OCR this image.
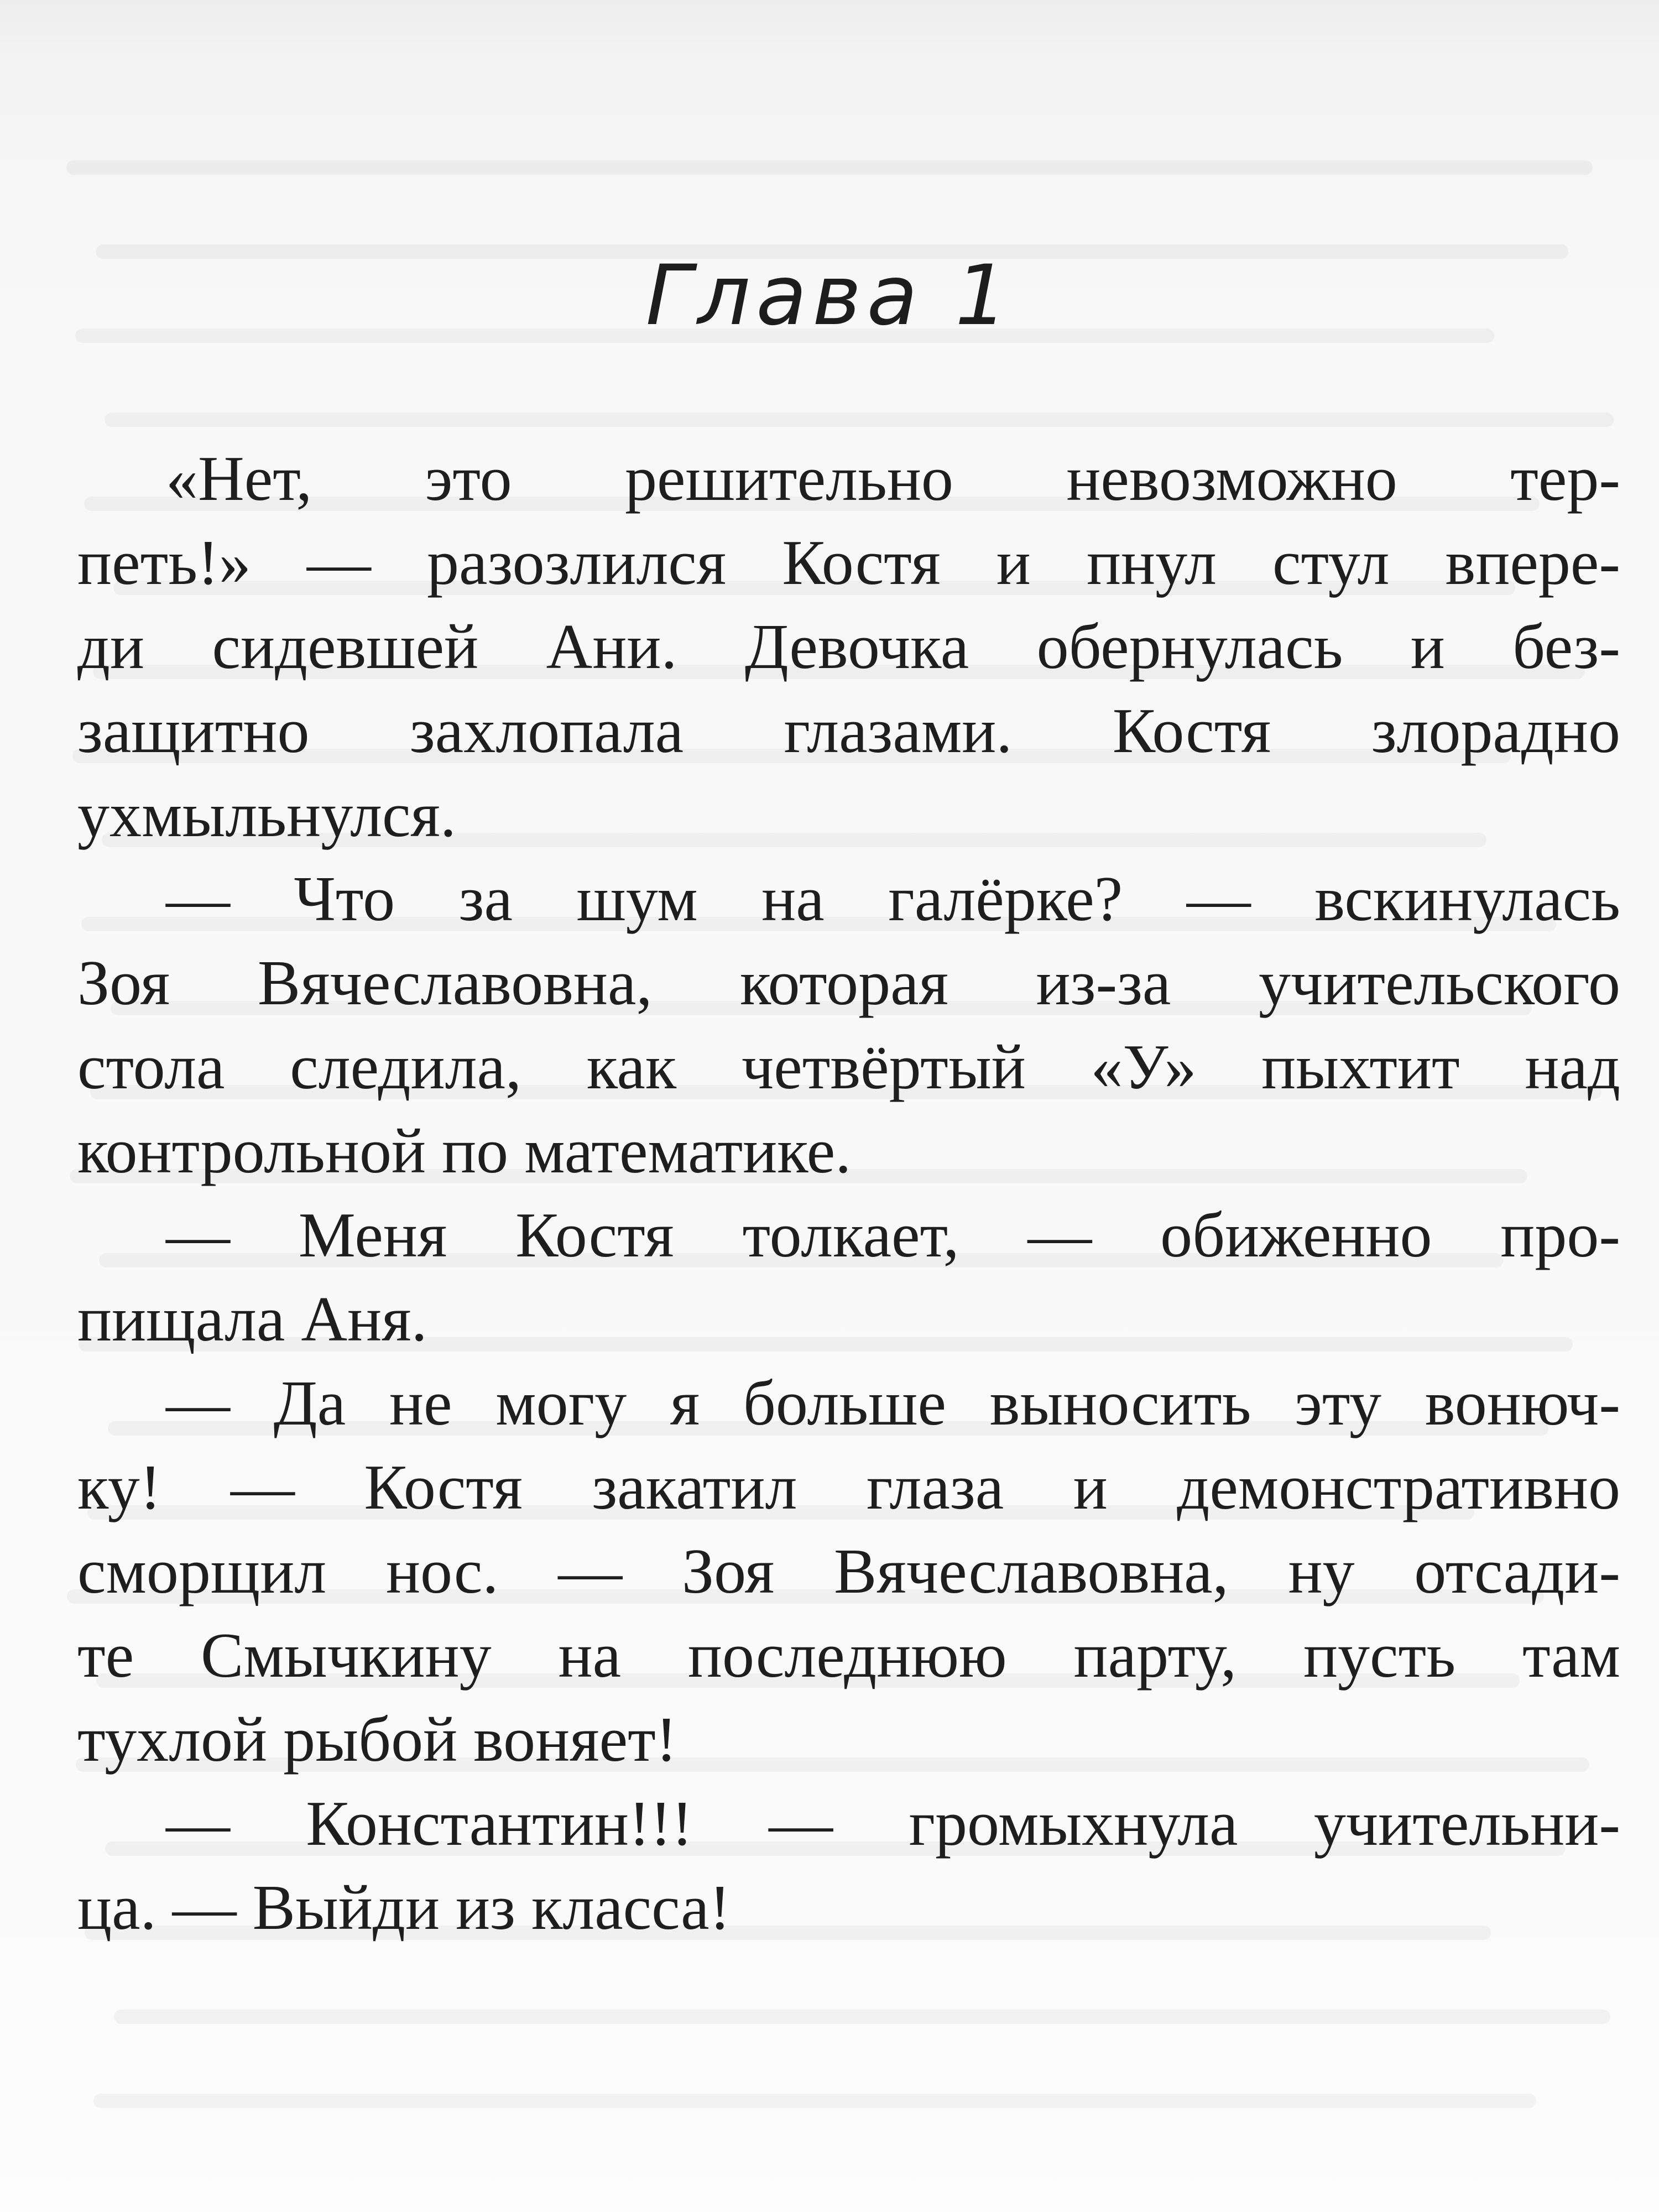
Глава 1
«Нет, это решительно невозможно тер-
петь!» — разозлился Костя и пнул стул впере-
ди сидевшей Ани. Девочка обернулась и без-
защитно захлопала глазами. Костя злорадно
ухмыльнулся.
— Что за шум на галёрке? — вскинулась
Зоя Вячеславовна, которая из-за учительского
стола следила, как четвёртый «У» пыхтит над
контрольной по математике.
— Меня Костя толкает, — обиженно про-
пищала Аня.
— Да не могу я больше выносить эту вонюч-
ку! — Костя закатил глаза и демонстративно
сморщил нос. — Зоя Вячеславовна, ну отсади-
те Смычкину на последнюю парту, пусть там
тухлой рыбой воняет!
— Константин!!! — громыхнула учительни-
ца. — Выйди из класса!
